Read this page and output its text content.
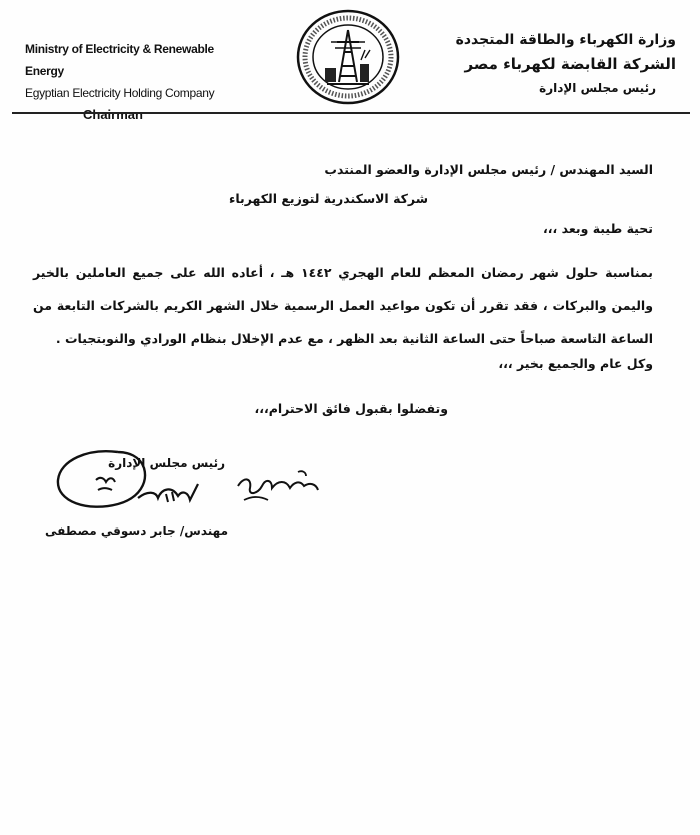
Ministry of Electricity & Renewable Energy
Egyptian Electricity Holding Company
Chairman
وزارة الكهرباء والطاقة المتجددة
الشركة القابضة لكهرباء مصر
رئيس مجلس الإدارة
السيد المهندس / رئيس مجلس الإدارة والعضو المنتدب
شركة الاسكندرية لتوزيع الكهرباء
تحية طيبة وبعد ،،،
بمناسبة حلول شهر رمضان المعظم للعام الهجري ١٤٤٢ هـ ، أعاده الله على جميع العاملين بالخير واليمن والبركات ، فقد تقرر أن تكون مواعيد العمل الرسمية خلال الشهر الكريم بالشركات التابعة من الساعة التاسعة صباحاً حتى الساعة الثانية بعد الظهر ، مع عدم الإخلال بنظام الورادي والنوبتجيات .
وكل عام والجميع بخير ،،،
وتفضلوا بقبول فائق الاحترام،،،
رئيس مجلس الإدارة
مهندس/ جابر دسوقي مصطفى
